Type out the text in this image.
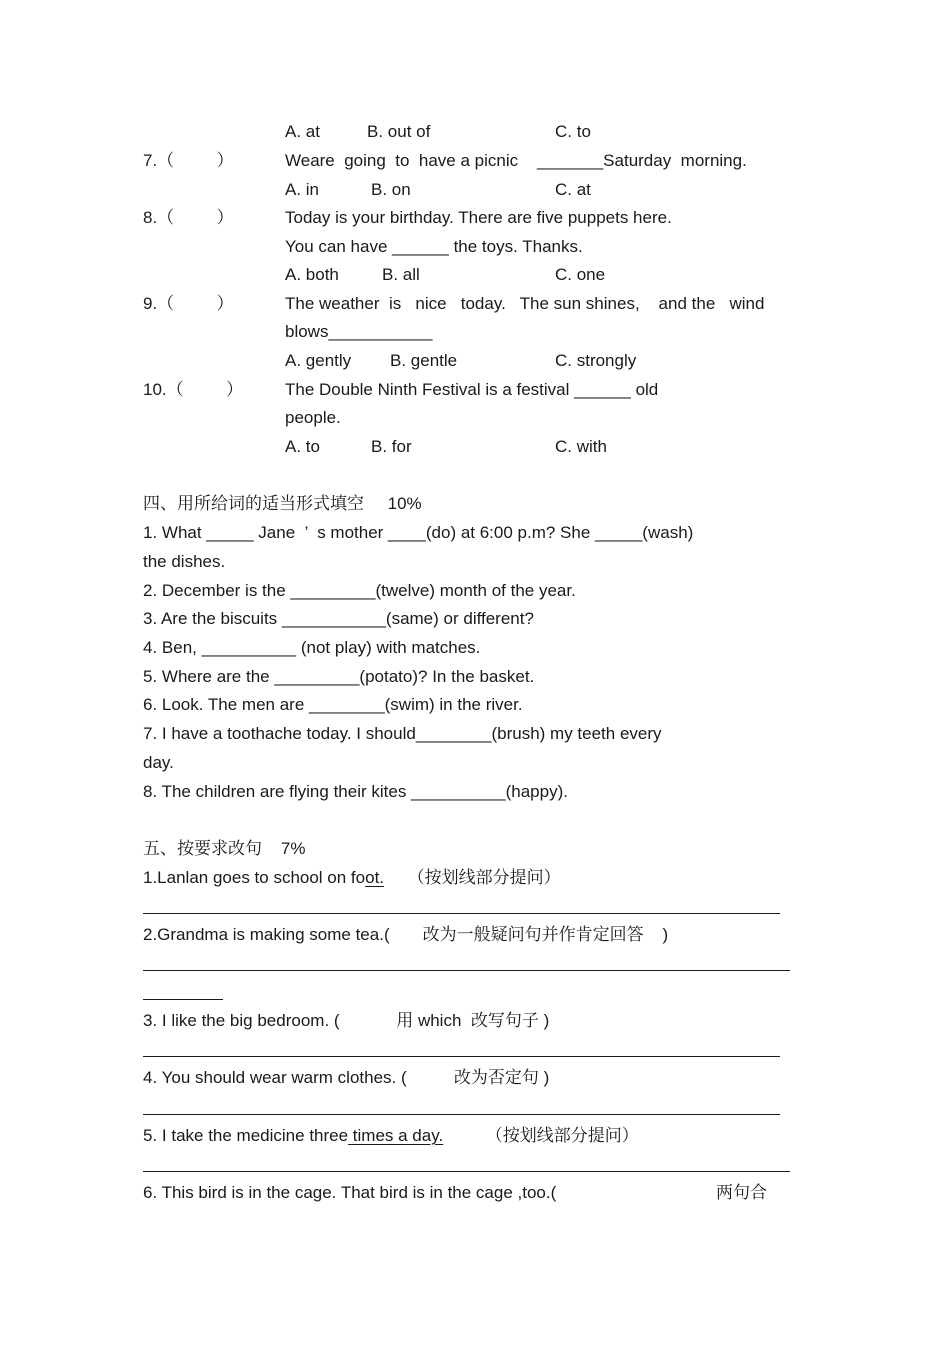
A. at	B. out of	C. to
7.（         ）	Weare  going  to  have a picnic    _______Saturday  morning.
A. in	B. on	C. at
8.（         ）	Today is your birthday. There are five puppets here.
You can have ______ the toys. Thanks.
A. both	B. all	C. one
9.（         ）	The weather  is   nice   today.   The sun shines,    and the   wind
blows___________
A. gently B. gentle	C. strongly
10.（         ） The Double Ninth Festival is a festival ______ old
people.
A. to	B. for	C. with
四、用所给词的适当形式填空     10%
1. What _____ Jane  ’  s mother ____(do) at 6:00 p.m? She _____(wash)
the dishes.
2. December is the _________(twelve) month of the year.
3. Are the biscuits ___________(same) or different?
4. Ben, __________ (not play) with matches.
5. Where are the _________(potato)? In the basket.
6. Look. The men are ________(swim) in the river.
7. I have a toothache today. I should________(brush) my teeth every
day.
8. The children are flying their kites __________(happy).
五、按要求改句    7%
1.Lanlan goes to school on foot.     （按划线部分提问）
2.Grandma is making some tea.(       改为一般疑问句并作肯定回答    )
3. I like the big bedroom. (            用 which  改写句子 )
4. You should wear warm clothes. (          改为否定句 )
5. I take the medicine three times a day.         （按划线部分提问）
6. This bird is in the cage. That bird is in the cage ,too.(	两句合
